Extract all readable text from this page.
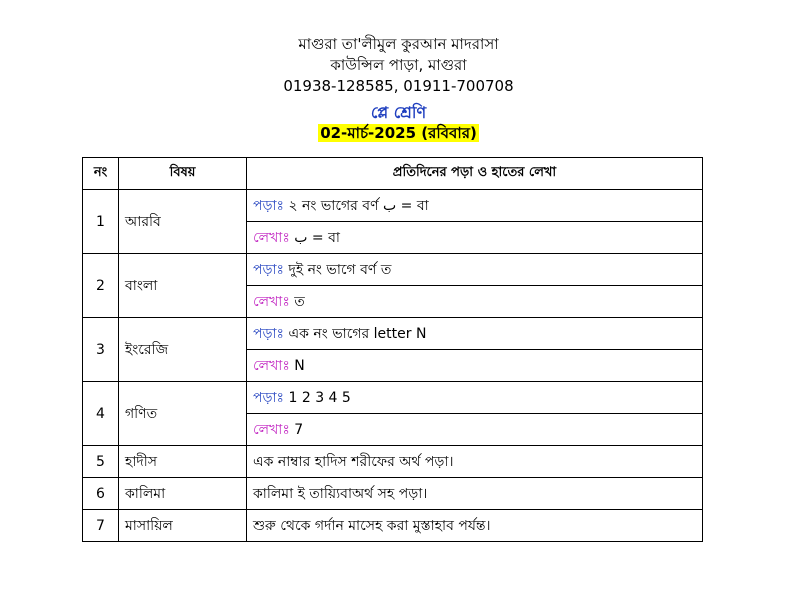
মাগুরা তা'লীমুল কুরআন মাদরাসা
কাউন্সিল পাড়া, মাগুরা
01938-128585, 01911-700708
প্লে শ্রেণি
02-মার্চ-2025 (রবিবার)
নং	বিষয়	প্রতিদিনের পড়া ও হাতের লেখা
1	আরবি	পড়াঃ ২ নং ভাগের বর্ণ ب = বা
		লেখাঃ ب = বা
2	বাংলা	পড়াঃ দুই নং ভাগে বর্ণ ত
		লেখাঃ ত
3	ইংরেজি	পড়াঃ এক নং ভাগের letter N
		লেখাঃ N
4	গণিত	পড়াঃ 1 2 3 4 5
		লেখাঃ 7
5	হাদীস	এক নাম্বার হাদিস শরীফের অর্থ পড়া।
6	কালিমা	কালিমা ই তায়্যিবাঅর্থ সহ পড়া।
7	মাসায়িল	শুরু থেকে গর্দান মাসেহ করা মুস্তাহাব পর্যন্ত।
